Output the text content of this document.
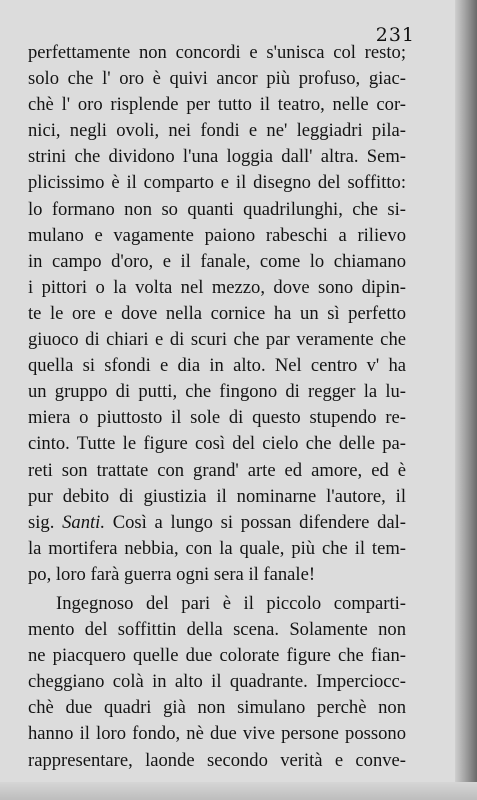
231
perfettamente non concordi e s'unisca col resto;
solo che l' oro è quivi ancor più profuso, giac-
chè l' oro risplende per tutto il teatro, nelle cor-
nici, negli ovoli, nei fondi e ne' leggiadri pila-
strini che dividono l'una loggia dall' altra. Sem-
plicissimo è il comparto e il disegno del soffitto:
lo formano non so quanti quadrilunghi, che si-
mulano e vagamente paiono rabeschi a rilievo
in campo d'oro, e il fanale, come lo chiamano
i pittori o la volta nel mezzo, dove sono dipin-
te le ore e dove nella cornice ha un sì perfetto
giuoco di chiari e di scuri che par veramente che
quella si sfondi e dia in alto. Nel centro v' ha
un gruppo di putti, che fingono di regger la lu-
miera o piuttosto il sole di questo stupendo re-
cinto. Tutte le figure così del cielo che delle pa-
reti son trattate con grand' arte ed amore, ed è
pur debito di giustizia il nominarne l'autore, il
sig. Santi. Così a lungo si possan difendere dal-
la mortifera nebbia, con la quale, più che il tem-
po, loro farà guerra ogni sera il fanale!
Ingegnoso del pari è il piccolo comparti-
mento del soffittin della scena. Solamente non
ne piacquero quelle due colorate figure che fian-
cheggiano colà in alto il quadrante. Imperciocc-
chè due quadri già non simulano perchè non
hanno il loro fondo, nè due vive persone possono
rappresentare, laonde secondo verità e conve-
